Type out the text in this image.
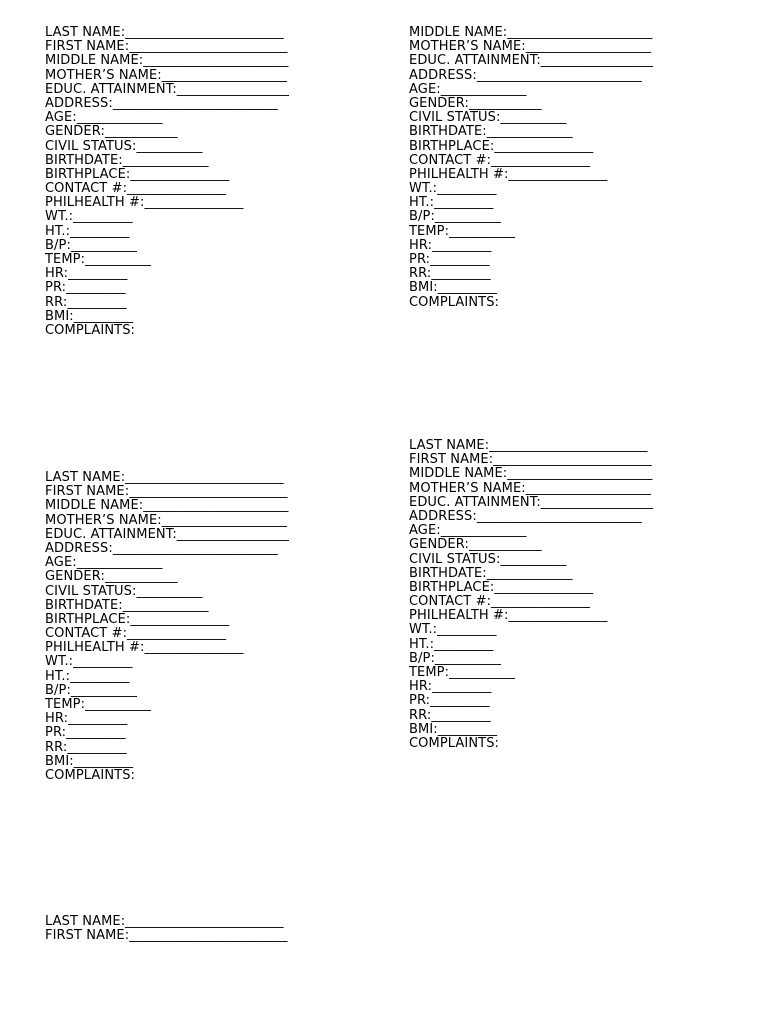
LAST NAME:________________________
FIRST NAME:________________________
MIDDLE NAME:______________________
MOTHER’S NAME:___________________
EDUC. ATTAINMENT:_________________
ADDRESS:_________________________
AGE:_____________
GENDER:___________
CIVIL STATUS:__________
BIRTHDATE:_____________
BIRTHPLACE:_______________
CONTACT #:_______________
PHILHEALTH #:_______________
WT.:_________
HT.:_________
B/P:__________
TEMP:__________
HR:_________
PR:_________
RR:_________
BMI:_________
COMPLAINTS:
MIDDLE NAME:______________________
MOTHER’S NAME:___________________
EDUC. ATTAINMENT:_________________
ADDRESS:_________________________
AGE:_____________
GENDER:___________
CIVIL STATUS:__________
BIRTHDATE:_____________
BIRTHPLACE:_______________
CONTACT #:_______________
PHILHEALTH #:_______________
WT.:_________
HT.:_________
B/P:__________
TEMP:__________
HR:_________
PR:_________
RR:_________
BMI:_________
COMPLAINTS:
LAST NAME:________________________
FIRST NAME:________________________
MIDDLE NAME:______________________
MOTHER’S NAME:___________________
EDUC. ATTAINMENT:_________________
ADDRESS:_________________________
AGE:_____________
GENDER:___________
CIVIL STATUS:__________
BIRTHDATE:_____________
BIRTHPLACE:_______________
CONTACT #:_______________
PHILHEALTH #:_______________
WT.:_________
HT.:_________
B/P:__________
TEMP:__________
HR:_________
PR:_________
RR:_________
BMI:_________
COMPLAINTS:
LAST NAME:________________________
FIRST NAME:________________________
MIDDLE NAME:______________________
MOTHER’S NAME:___________________
EDUC. ATTAINMENT:_________________
ADDRESS:_________________________
AGE:_____________
GENDER:___________
CIVIL STATUS:__________
BIRTHDATE:_____________
BIRTHPLACE:_______________
CONTACT #:_______________
PHILHEALTH #:_______________
WT.:_________
HT.:_________
B/P:__________
TEMP:__________
HR:_________
PR:_________
RR:_________
BMI:_________
COMPLAINTS:
LAST NAME:________________________
FIRST NAME:________________________
